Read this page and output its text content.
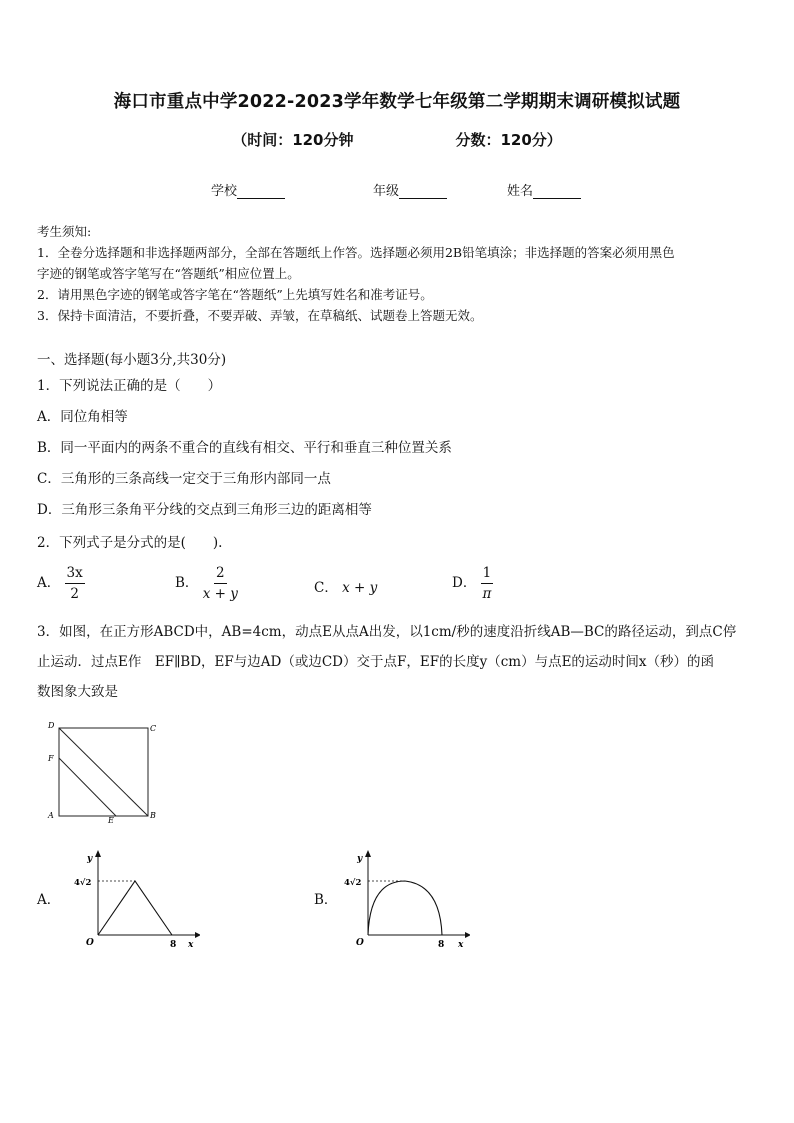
海口市重点中学2022-2023学年数学七年级第二学期期末调研模拟试题
（时间：120分钟	分数：120分）
学校	年级	姓名
考生须知:
1．全卷分选择题和非选择题两部分，全部在答题纸上作答。选择题必须用2B铅笔填涂；非选择题的答案必须用黑色
字迹的钢笔或答字笔写在“答题纸”相应位置上。
2．请用黑色字迹的钢笔或答字笔在“答题纸”上先填写姓名和准考证号。
3．保持卡面清洁，不要折叠，不要弄破、弄皱，在草稿纸、试题卷上答题无效。
一、选择题(每小题3分,共30分)
1．下列说法正确的是（　　）
A．同位角相等
B．同一平面内的两条不重合的直线有相交、平行和垂直三种位置关系
C．三角形的三条高线一定交于三角形内部同一点
D．三角形三条角平分线的交点到三角形三边的距离相等
2．下列式子是分式的是(　　).
A． $\frac{3x}{2}$	B． $\frac{2}{x + y}$	C． x + y	D． $\frac{1}{\pi}$
3．如图，在正方形ABCD中，AB=4cm，动点E从点A出发，以1cm/秒的速度沿折线AB—BC的路径运动，到点C停
止运动．过点E作　EF∥BD，EF与边AD（或边CD）交于点F，EF的长度y（cm）与点E的运动时间x（秒）的函
数图象大致是
D	C
F
A
E
B
A．
y
x
O
4√2
8
B．
y
x
O
4√2
8
